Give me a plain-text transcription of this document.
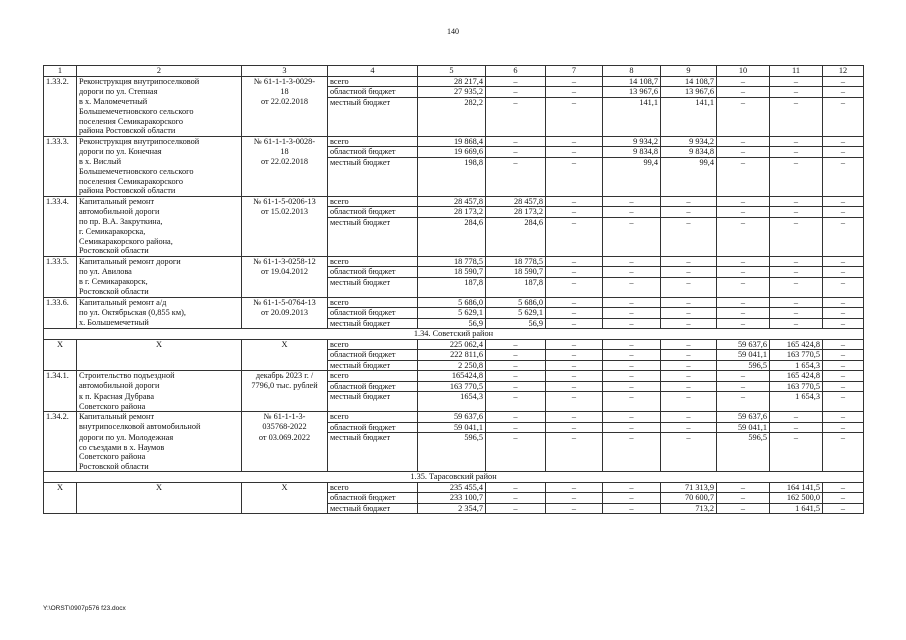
140
1	2	3	4	5	6	7	8	9	10	11	12
1.33.2.	Реконструкция внутрипоселковой	№ 61-1-1-3-0029-	всего	28 217,4	–	–	14 108,7	14 108,7	–	–	–
	дороги по ул. Степная	18	областной бюджет	27 935,2	–	–	13 967,6	13 967,6	–	–	–
	в х. Маломечетный	от 22.02.2018	местный бюджет	282,2	–	–	141,1	141,1	–	–	–
	Большемечетновского сельского										
	поселения Семикаракорского										
	района Ростовской области										
1.33.3.	Реконструкция внутрипоселковой	№ 61-1-1-3-0028-	всего	19 868,4	–	–	9 934,2	9 934,2	–	–	–
	дороги по ул. Конечная	18	областной бюджет	19 669,6	–	–	9 834,8	9 834,8	–	–	–
	в х. Вислый	от 22.02.2018	местный бюджет	198,8	–	–	99,4	99,4	–	–	–
	Большемечетновского сельского										
	поселения Семикаракорского										
	района Ростовской области										
1.33.4.	Капитальный ремонт	№ 61-1-5-0206-13	всего	28 457,8	28 457,8	–	–	–	–	–	–
	автомобильной дороги	от 15.02.2013	областной бюджет	28 173,2	28 173,2	–	–	–	–	–	–
	по пр. В.А. Закруткина,		местный бюджет	284,6	284,6	–	–	–	–	–	–
	г. Семикаракорска,										
	Семикаракорского района,										
	Ростовской области										
1.33.5.	Капитальный ремонт дороги	№ 61-1-3-0258-12	всего	18 778,5	18 778,5	–	–	–	–	–	–
	по ул. Авилова	от 19.04.2012	областной бюджет	18 590,7	18 590,7	–	–	–	–	–	–
	в г. Семикаракорск,		местный бюджет	187,8	187,8	–	–	–	–	–	–
	Ростовской области										
1.33.6.	Капитальный ремонт а/д	№ 61-1-5-0764-13	всего	5 686,0	5 686,0	–	–	–	–	–	–
	по ул. Октябрьская (0,855 км),	от 20.09.2013	областной бюджет	5 629,1	5 629,1	–	–	–	–	–	–
	х. Большемечетный		местный бюджет	56,9	56,9	–	–	–	–	–	–
1.34. Советский район											
Х	Х	Х	всего	225 062,4	–	–	–	–	59 637,6	165 424,8	–
			областной бюджет	222 811,6	–	–	–	–	59 041,1	163 770,5	–
			местный бюджет	2 250,8	–	–	–	–	596,5	1 654,3	–
1.34.1.	Строительство подъездной	декабрь 2023 г. /	всего	165424,8	–	–	–	–	–	165 424,8	–
	автомобильной дороги	7796,0 тыс. рублей	областной бюджет	163 770,5	–	–	–	–	–	163 770,5	–
	к п. Красная Дубрава		местный бюджет	1654,3	–	–	–	–	–	1 654,3	–
	Советского района										
1.34.2.	Капитальный ремонт	№ 61-1-1-3-	всего	59 637,6	–	–	–	–	59 637,6	–	–
	внутрипоселковой автомобильной	035768-2022	областной бюджет	59 041,1	–	–	–	–	59 041,1	–	–
	дороги по ул. Молодежная	от 03.069.2022	местный бюджет	596,5	–	–	–	–	596,5	–	–
	со съездами в х. Наумов										
	Советского района										
	Ростовской области										
1.35. Тарасовский район											
Х	Х	Х	всего	235 455,4	–	–	–	71 313,9	–	164 141,5	–
			областной бюджет	233 100,7	–	–	–	70 600,7	–	162 500,0	–
			местный бюджет	2 354,7	–	–	–	713,2	–	1 641,5	–
Y:\ORST\0907p576 f23.docx
